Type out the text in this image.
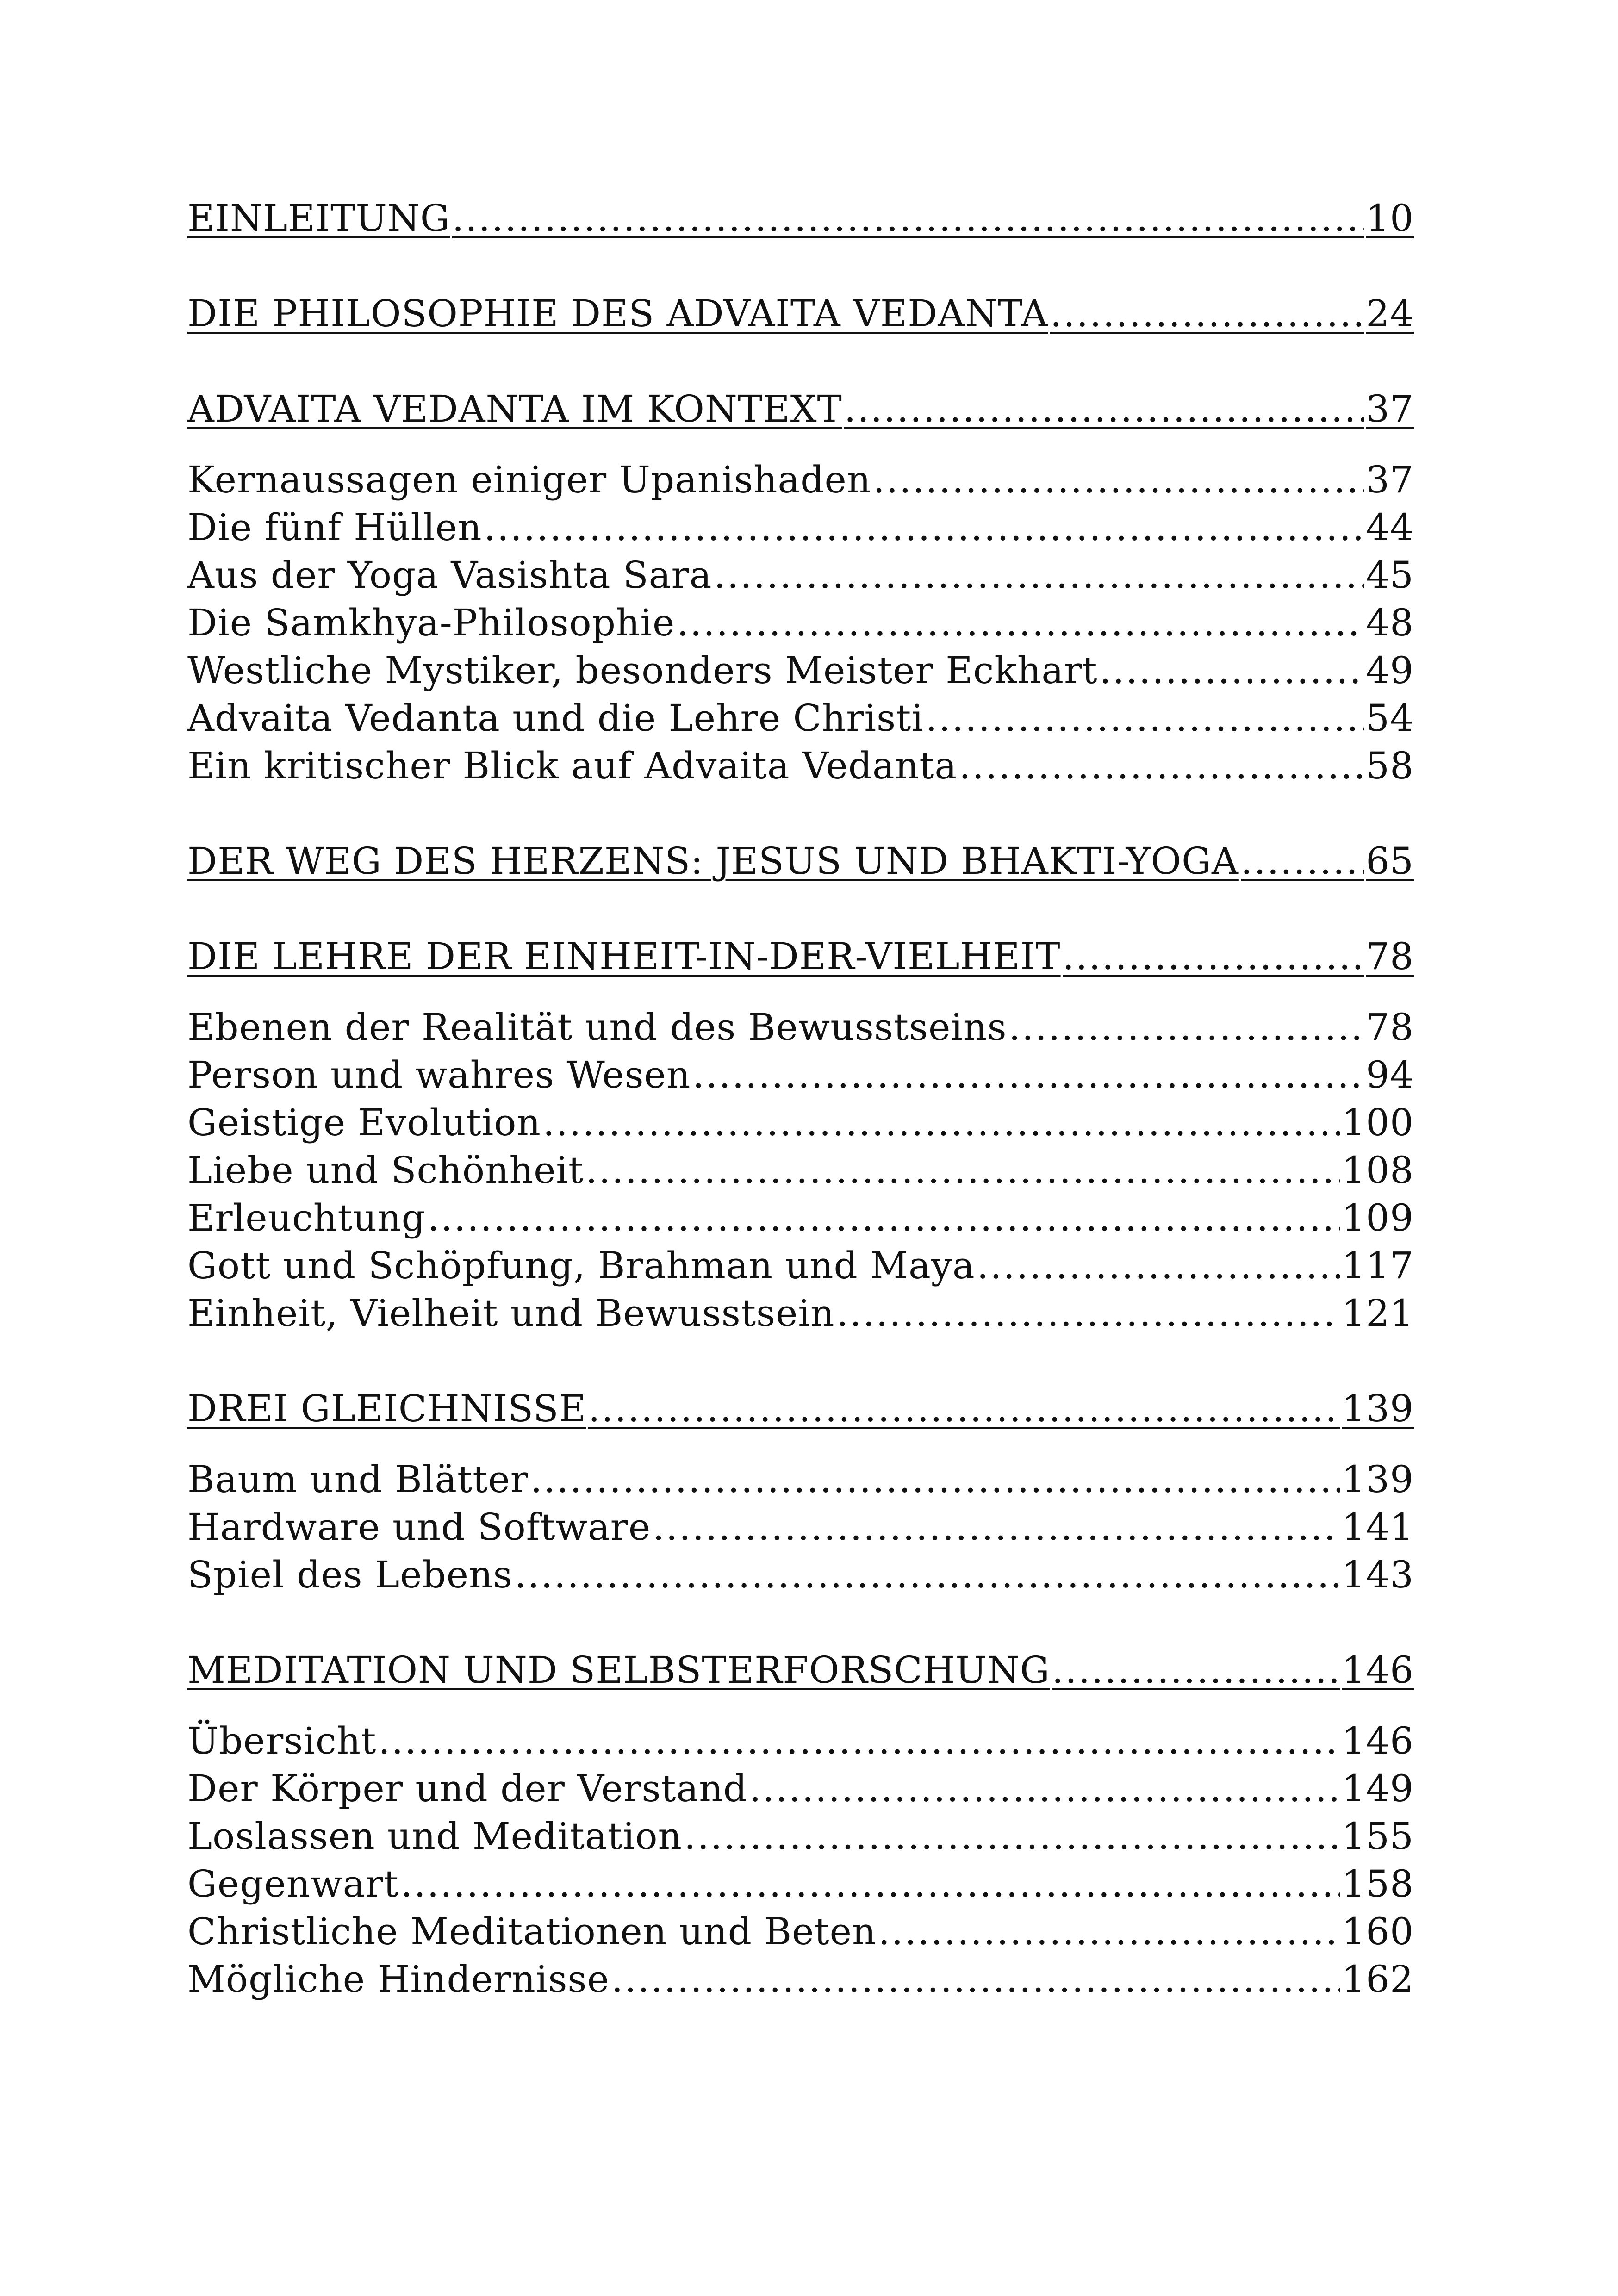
EINLEITUNG .....	10
DIE PHILOSOPHIE DES ADVAITA VEDANTA .....	24
ADVAITA VEDANTA IM KONTEXT .....	37
Kernaussagen einiger Upanishaden .....	37
Die fünf Hüllen .....	44
Aus der Yoga Vasishta Sara .....	45
Die Samkhya-Philosophie .....	48
Westliche Mystiker, besonders Meister Eckhart .....	49
Advaita Vedanta und die Lehre Christi .....	54
Ein kritischer Blick auf Advaita Vedanta .....	58
DER WEG DES HERZENS: JESUS UND BHAKTI-YOGA .....	65
DIE LEHRE DER EINHEIT-IN-DER-VIELHEIT .....	78
Ebenen der Realität und des Bewusstseins .....	78
Person und wahres Wesen .....	94
Geistige Evolution .....	100
Liebe und Schönheit .....	108
Erleuchtung .....	109
Gott und Schöpfung, Brahman und Maya .....	117
Einheit, Vielheit und Bewusstsein .....	121
DREI GLEICHNISSE .....	139
Baum und Blätter .....	139
Hardware und Software .....	141
Spiel des Lebens .....	143
MEDITATION UND SELBSTERFORSCHUNG .....	146
Übersicht .....	146
Der Körper und der Verstand .....	149
Loslassen und Meditation .....	155
Gegenwart .....	158
Christliche Meditationen und Beten .....	160
Mögliche Hindernisse .....	162
